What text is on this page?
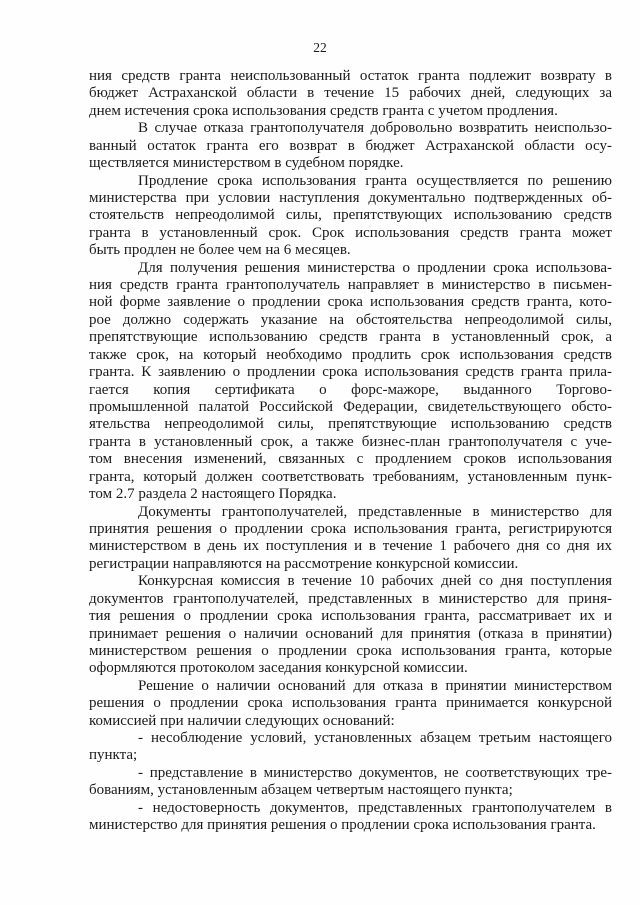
22
ния средств гранта неиспользованный остаток гранта подлежит возврату в
бюджет Астраханской области в течение 15 рабочих дней, следующих за
днем истечения срока использования средств гранта с учетом продления.
В случае отказа грантополучателя добровольно возвратить неиспользо-
ванный остаток гранта его возврат в бюджет Астраханской области осу-
ществляется министерством в судебном порядке.
Продление срока использования гранта осуществляется по решению
министерства при условии наступления документально подтвержденных об-
стоятельств непреодолимой силы, препятствующих использованию средств
гранта в установленный срок. Срок использования средств гранта может
быть продлен не более чем на 6 месяцев.
Для получения решения министерства о продлении срока использова-
ния средств гранта грантополучатель направляет в министерство в письмен-
ной форме заявление о продлении срока использования средств гранта, кото-
рое должно содержать указание на обстоятельства непреодолимой силы,
препятствующие использованию средств гранта в установленный срок, а
также срок, на который необходимо продлить срок использования средств
гранта. К заявлению о продлении срока использования средств гранта прила-
гается копия сертификата о форс-мажоре, выданного Торгово-
промышленной палатой Российской Федерации, свидетельствующего обсто-
ятельства непреодолимой силы, препятствующие использованию средств
гранта в установленный срок, а также бизнес-план грантополучателя с уче-
том внесения изменений, связанных с продлением сроков использования
гранта, который должен соответствовать требованиям, установленным пунк-
том 2.7 раздела 2 настоящего Порядка.
Документы грантополучателей, представленные в министерство для
принятия решения о продлении срока использования гранта, регистрируются
министерством в день их поступления и в течение 1 рабочего дня со дня их
регистрации направляются на рассмотрение конкурсной комиссии.
Конкурсная комиссия в течение 10 рабочих дней со дня поступления
документов грантополучателей, представленных в министерство для приня-
тия решения о продлении срока использования гранта, рассматривает их и
принимает решения о наличии оснований для принятия (отказа в принятии)
министерством решения о продлении срока использования гранта, которые
оформляются протоколом заседания конкурсной комиссии.
Решение о наличии оснований для отказа в принятии министерством
решения о продлении срока использования гранта принимается конкурсной
комиссией при наличии следующих оснований:
- несоблюдение условий, установленных абзацем третьим настоящего
пункта;
- представление в министерство документов, не соответствующих тре-
бованиям, установленным абзацем четвертым настоящего пункта;
- недостоверность документов, представленных грантополучателем в
министерство для принятия решения о продлении срока использования гранта.
